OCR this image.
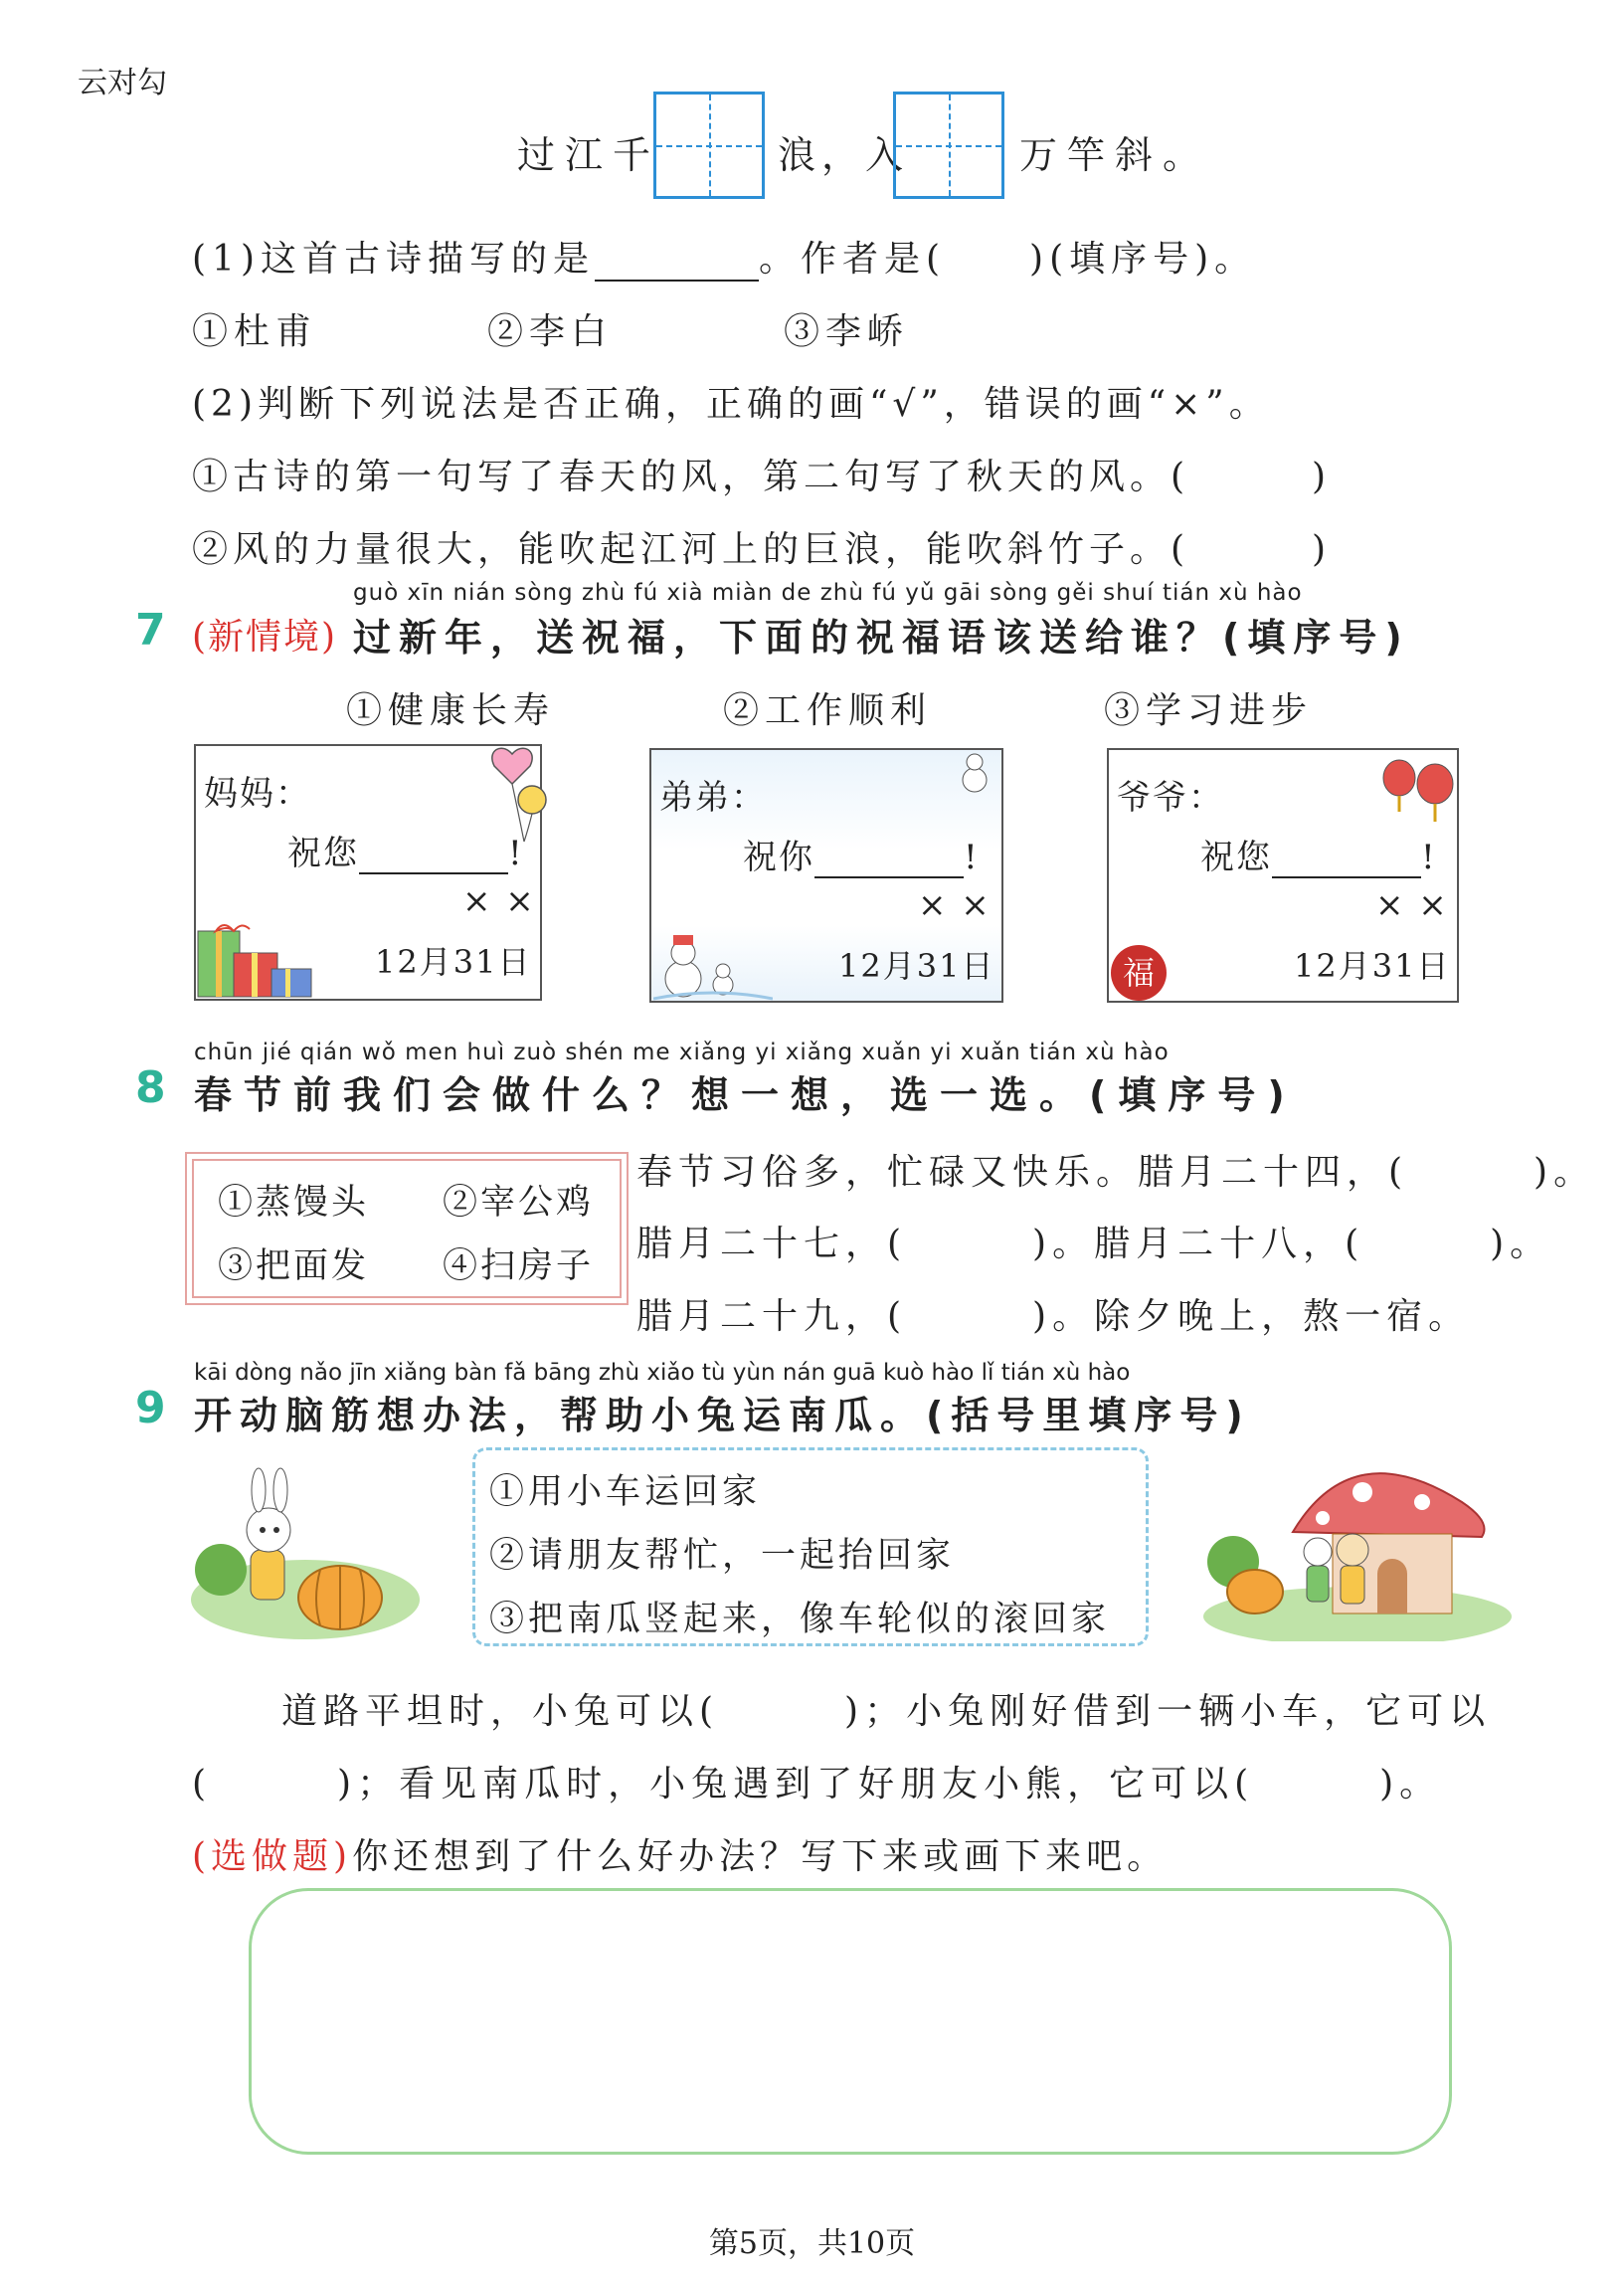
云对勾
过江千	浪，入	万竿斜。
(1)这首古诗描写的是	。作者是(　　)(填序号)。
①杜甫	②李白	③李峤
(2)判断下列说法是否正确，正确的画“√”，错误的画“×”。
①古诗的第一句写了春天的风，第二句写了秋天的风。(　　　)
②风的力量很大，能吹起江河上的巨浪，能吹斜竹子。(　　　)
guò xīn nián sòng zhù fú xià miàn de zhù fú yǔ gāi sòng gěi shuí tián xù hào
7 (新情境) 过新年，送祝福，下面的祝福语该送给谁？(填序号)
①健康长寿	②工作顺利	③学习进步
妈妈：
祝您	!
× ×
12月31日
弟弟：
祝你	!
× ×
12月31日
爷爷：
祝您	!
× ×
12月31日
福
chūn jié qián wǒ men huì zuò shén me xiǎng yi xiǎng xuǎn yi xuǎn tián xù hào
8 春节前我们会做什么？想一想，选一选。(填序号)
①蒸馒头 ②宰公鸡
③把面发 ④扫房子
春节习俗多，忙碌又快乐。腊月二十四，(　　　)。
腊月二十七，(　　　)。腊月二十八，(　　　)。
腊月二十九，(　　　)。除夕晚上，熬一宿。
kāi dòng nǎo jīn xiǎng bàn fǎ bāng zhù xiǎo tù yùn nán guā kuò hào lǐ tián xù hào
9 开动脑筋想办法，帮助小兔运南瓜。(括号里填序号)
①用小车运回家
②请朋友帮忙，一起抬回家
③把南瓜竖起来，像车轮似的滚回家
道路平坦时，小兔可以(　　　)；小兔刚好借到一辆小车，它可以
(　　　)；看见南瓜时，小兔遇到了好朋友小熊，它可以(　　　)。
(选做题)你还想到了什么好办法？写下来或画下来吧。
第5页，共10页
